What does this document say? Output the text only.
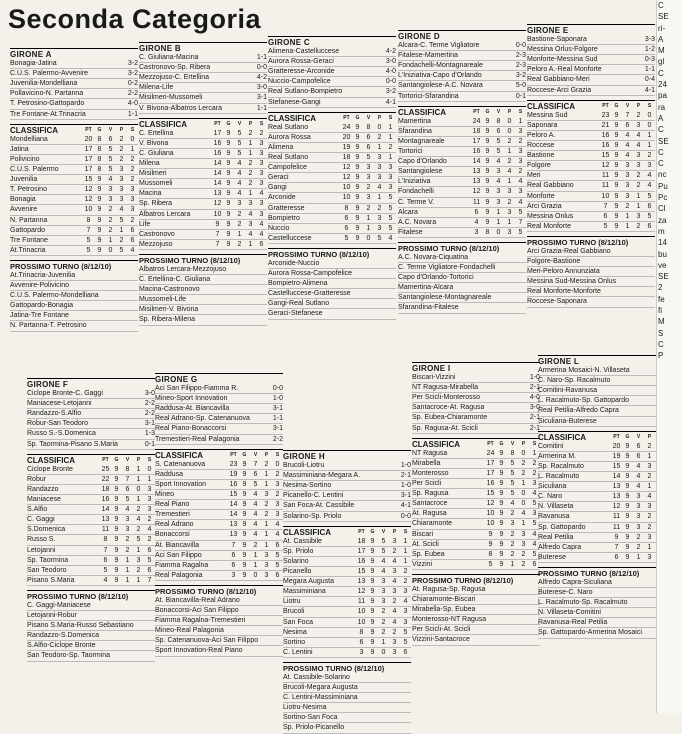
Seconda Categoria
GIRONE A
Bonagia-Jatina	3-2
C.U.S. Palermo-Avvenire	3-2
Juvenilia-Mondelliana	0-2
Pollavicino-N. Partanna	2-2
T. Petrosino-Gattopardo	4-0
Tre Fontane-At.Trinacria	1-1
CLASSIFICA	PT	G	V	P	S
Mondelliana	20 8	6	2	0
Jatina	17 8	5	2	1
Polivicino	17 8	5	2	2
C.U.S. Palermo	17 8	5	3	2
Juvenilia	15 9	4	3	2
T. Petrosino	12 9	3	3	3
Bonagia	12 9	3	3	3
Avvenire	10 9	2	4	3
N. Partanna	8	9	2	5	2
Gattopardo	7	9	2	1	6
Tre Fontane	5	9	1	2	6
At.Trinacria	5	9	0	5	4
PROSSIMO TURNO (8/12/10)
At.Trinacria-Juvenilia
Avvenire-Polivicino
C.U.S. Palermo-Mondelliana
Gattopardo-Bonagia
Jatina-Tre Fontane
N. Partanna-T. Petrosino
GIRONE B
C. Giuliana-Macina	1-1
Castronovo-Sp. Ribera	0-0
Mezzojuso-C. Ertellina	4-2
Milena-Life	3-0
Misilmeri-Mussomeli	3-1
V. Bivona-Albatros Lercara	1-1
CLASSIFICA	PT	G	V	P	S
C. Ertellina	17 9	5	2	2
V. Bivona	16 9	5	1	3
C. Giuliana	16 9	5	1	3
Milena	14 9	4	2	3
Misilmeri	14 9	4	2	3
Mussomeli	14 9	4	2	3
Macina	13 9	4	1	4
Sp. Ribera	12 9	3	3	3
Albatros Lercara	10 9	2	4	3
Life	9	9	2	3	4
Castronovo	7	9	1	4	4
Mezzojuso	7	9	2	1	6
PROSSIMO TURNO (8/12/10)
Albatros Lercara-Mezzojuso
C. Ertellina-C. Giuliana
Macina-Castronovo
Mussomeli-Life
Misilmeri-V. Bivona
Sp. Ribera-Milena
GIRONE C
Alimena-Castelluccese	4-2
Aurora Rossa-Geraci	3-0
Gratteresse-Arconide	4-0
Nuccio-Campofelice	0-0
Real Sutlano-Bompietro	3-2
Stefanese-Gangi	4-1
CLASSIFICA	PT	G	V	P	S
Real Sutlano	24 9	8	0	1
Aurora Rossa	20 9	6	2	1
Alimena	19 9	6	1	2
Real Sutlano	18 9	5	3	1
Campofelice	12 9	3	3	3
Geraci	12 9	3	3	3
Gangi	10 9	2	4	3
Arconide	10 9	3	1	5
Gratteresse	8	9	2	2	5
Bompietro	6	9	1	3	5
Nuccio	6	9	1	3	5
Castelluccese	5	9	0	5	4
PROSSIMO TURNO (8/12/10)
Arconide-Nuccio
Aurora Rossa-Campofelice
Bompietro-Alimena
Castelluccese-Gratteresse
Gangi-Real Sutlano
Geraci-Stefanese
GIRONE D
Alcara-C. Terme Vigliatore	0-0
Fitalese-Mamertina	2-3
Fondachelli-Montagnareale	2-3
L'Iniziativa-Capo d'Orlando	3-2
Santangiolese-A.C. Novara	5-0
Tortorici-Sfarandina	0-1
CLASSIFICA	PT	G	V	P	S
Mamertina	24 9	8	0	1
Sfarandina	18 9	6	0	3
Montagnareale	17 9	5	2	2
Tortorici	16 9	5	1	3
Capo d'Orlando	14 9	4	2	3
Santangiolese	13 9	3	4	2
L'Iniziativa	13 9	4	1	4
Fondachelli	12 9	3	3	3
C. Terme V.	11 9	3	2	4
Alcara	6	9	1	3	5
A.C. Novara	4	9	1	1	7
Fitalese	3	8	0	3	5
PROSSIMO TURNO (8/12/10)
A.C. Novara-Ciquatina
C. Terme Vigliatore-Fondachelli
Capo d'Orlando-Tortorici
Mamertina-Alcara
Santangiolese-Montagnareale
Sfarandina-Fitalese
GIRONE E
Bastione-Saponara	3-3
Messina Orlus-Folgore	1-2
Monforte-Messina Sud	0-3
Peloro A.-Real Monforte	1-1
Real Gabbiano-Meri	0-4
Roccese-Arci Grazia	4-1
CLASSIFICA	PT	G	V	P	S
Messina Sud	23 9	7	2	0
Saponara	21 9	6	3	0
Peloro A.	16 9	4	4	1
Roccese	16 9	4	4	1
Bastione	15 9	4	3	2
Folgore	12 9	3	3	3
Meri	11 9	3	2	4
Real Gabbiano	11 9	3	2	4
Monforte	10 9	3	1	5
Arci Grazia	7	9	2	1	6
Messina Onlus	6	9	1	3	5
Real Monforte	5	9	1	2	6
PROSSIMO TURNO (8/12/10)
Arci Grazia-Real Gabbiano
Folgore-Bastione
Meri-Peloro Annunziata
Messina Sud-Messina Onlus
Real Monforte-Monforte
Roccese-Saponara
GIRONE F
Ciclope Bronte-C. Gaggi	3-0
Maniacese-Letojanni	2-2
Randazzo-S.Alfio	2-2
Robur-San Teodoro	3-1
Russo S.-S.Domenica	1-3
Sp. Taormina-Pisano S.Maria	0-1
CLASSIFICA	PT	G	V	P	S
Ciclope Bronte	25 9	8	1	0
Robur	22 9	7	1	1
Randazzo	18 9	6	0	3
Maniacese	16 9	5	1	3
S.Alfio	14 9	4	2	3
C. Gaggi	13 9	3	4	2
S.Domenica	11 9	3	2	4
Russo S.	8	9	2	5	2
Letojanni	7	9	2	1	6
Sp. Taormina	6	9	1	3	5
San Teodoro	5	9	1	2	6
Pisano S.Maria	4	9	1	1	7
PROSSIMO TURNO (8/12/10)
C. Gaggi-Maniacese
Letojanni-Robur
Pisano S.Maria-Russo Sebastiano
Randazzo-S.Domenica
S.Alfio-Ciclope Bronte
San Teodoro-Sp. Taormina
GIRONE G
Aci San Filippo-Fiamma R.	0-0
Mineo-Sport Innovation	1-0
Raddusa-At. Biancavilla	3-1
Real Adrano-Sp. Catenanuova	1-1
Real Piano-Bonaccorsi	3-1
Tremestieri-Real Palagonia	2-2
CLASSIFICA	PT	G	V	P	S
S. Catenanuova	23 9	7	2	0
Raddusa	19 9	6	1	2
Sport Innovation	16 9	5	1	3
Mineo	15 9	4	3	2
Real Piano	14 9	4	2	3
Tremestieri	14 9	4	2	3
Real Adrano	13 9	4	1	4
Bonaccorsi	13 9	4	1	4
At. Biancavilla	7	9	2	1	6
Aci San Filippo	6	9	1	3	5
Fiamma Ragalna	6	9	1	3	5
Real Palagonia	3	9	0	3	6
PROSSIMO TURNO (8/12/10)
At. Biancavilla-Real Adrano
Bonaccorsi-Aci San Filippo
Fiamma Ragalna-Tremestieri
Mineo-Real Palagonia
Sp. Catenanuova-Aci San Filippo
Sport Innovation-Real Piano
GIRONE H
Brucoli-Liotru	1-0
Massiminiana-Megara A.	2-1
Nesima-Sortino	1-0
Picanello-C. Lentini	3-1
San Foca-At. Cassibile	4-1
Solarino-Sp. Priolo	0-0
CLASSIFICA	PT	G	V	P	S
At. Cassibile	18 9	5	3	1
Sp. Priolo	17 9	5	2	1
Solarino	16 9	4	4	1
Picanello	15 9	4	3	2
Megara Augusta	13 9	3	4	2
Massiminiana	12 9	3	3	3
Liotru	11 9	3	2	4
Brucoli	10 9	2	4	3
San Foca	10 9	2	4	3
Nesima	8	9	2	2	5
Sortino	6	9	1	3	5
C. Lentini	3	9	0	3	6
PROSSIMO TURNO (8/12/10)
At. Cassibile-Solarino
Brucoli-Megara Augusta
C. Lentini-Massiminiana
Liotru-Nesima
Sortino-San Foca
Sp. Priolo-Picanello
GIRONE I
Biscari-Vizzini	1-0
NT Ragusa-Mirabella	2-1
Per Scicli-Monterosso	4-0
Santacroce-At. Ragusa	3-0
Sp. Eubea-Chiaramonte	2-1
Sp. Ragusa-At. Scicli	2-1
CLASSIFICA	PT	G	V	P	S
NT Ragusa	24 9	8	0	1
Mirabella	17 9	5	2	2
Monterosso	17 9	5	2	2
Per Scicli	16 9	5	1	3
Sp. Ragusa	15 9	5	0	4
Santacroce	12 9	4	0	5
At. Ragusa	10 9	2	4	3
Chiaramonte	10 9	3	1	5
Biscari	9	9	2	3	4
At. Scicli	9	9	2	3	4
Sp. Eubea	8	9	2	2	5
Vizzini	5	9	1	2	6
PROSSIMO TURNO (8/12/10)
At. Ragusa-Sp. Ragusa
Chiaramonte-Biscari
Mirabella-Sp. Eubea
Monterosso-NT Ragusa
Per Scicli-At. Scicli
Vizzini-Santacroce
GIRONE L
Armerina Mosaici-N. Villaseta
C. Naro-Sp. Racalmuto
Comitini-Ravanusa
L. Racalmuto-Sp. Gattopardo
Real Petilia-Alfredo Capra
Siculiana-Buterese
CLASSIFICA	PT	G	V	P
Comitini	20 9	6	2
Armerina M.	19 9	6	1
Sp. Racalmuto	15 9	4	3
L. Racalmuto	14 9	4	2
Siculiana	13 9	4	1
C. Naro	13 9	3	4
N. Villaseta	12 9	3	3
Ravanusa	11 9	3	2
Sp. Gattopardo	11 9	3	2
Real Petilia	9	9	2	3
Alfredo Capra	7	9	2	1
Buterese	6	9	1	3
PROSSIMO TURNO (8/12/10)
Alfredo Capra-Siculiana
Buterese-C. Naro
L. Racalmuto-Sp. Racalmuto
N. Villaseta-Comitini
Ravanusa-Real Petilia
Sp. Gattopardo-Armerina Mosaici
C
SE
ri-
A
M
gl
C
24
pa
ra
A
C
SE
C
C
nc
Pu
Pc
Cl
za
m
14
bu
ve
SE
2
fe
fi
M
S
C
P
